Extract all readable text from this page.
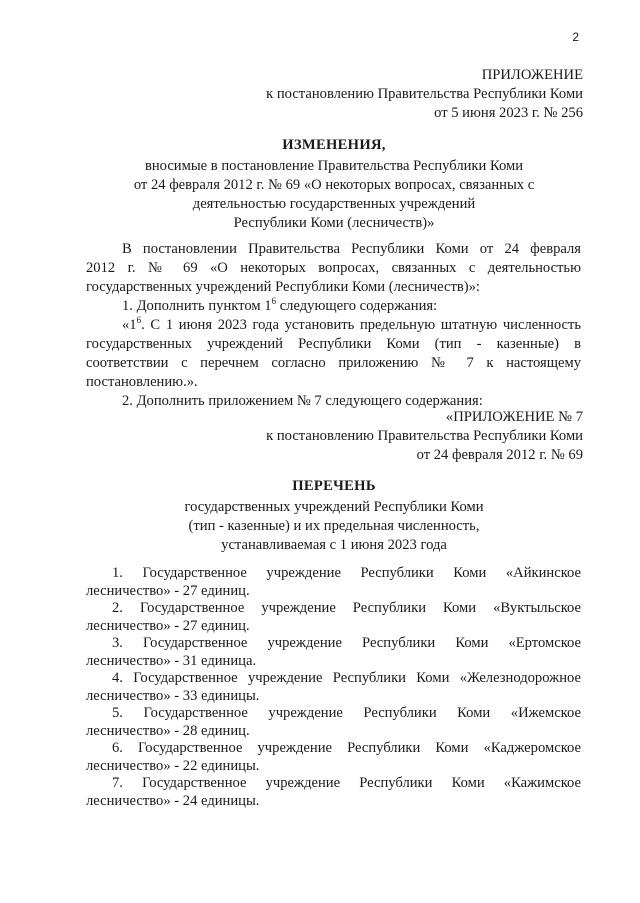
2
ПРИЛОЖЕНИЕ
к постановлению Правительства Республики Коми
от 5 июня 2023 г. № 256
ИЗМЕНЕНИЯ,
вносимые в постановление Правительства Республики Коми
от 24 февраля 2012 г. № 69 «О некоторых вопросах, связанных с
деятельностью государственных учреждений
Республики Коми (лесничеств)»
В постановлении Правительства Республики Коми от 24 февраля
2012 г. № 69 «О некоторых вопросах, связанных с деятельностью
государственных учреждений Республики Коми (лесничеств)»:
1. Дополнить пунктом $1^6$ следующего содержания:
«$1^6$. С 1 июня 2023 года установить предельную штатную численность
государственных учреждений Республики Коми (тип - казенные) в
соответствии с перечнем согласно приложению № 7 к настоящему
постановлению.».
2. Дополнить приложением № 7 следующего содержания:
«ПРИЛОЖЕНИЕ № 7
к постановлению Правительства Республики Коми
от 24 февраля 2012 г. № 69
ПЕРЕЧЕНЬ
государственных учреждений Республики Коми
(тип - казенные) и их предельная численность,
устанавливаемая с 1 июня 2023 года
1. Государственное учреждение Республики Коми «Айкинское
лесничество» - 27 единиц.
2. Государственное учреждение Республики Коми «Вуктыльское
лесничество» - 27 единиц.
3. Государственное учреждение Республики Коми «Ертомское
лесничество» - 31 единица.
4. Государственное учреждение Республики Коми «Железнодорожное
лесничество» - 33 единицы.
5. Государственное учреждение Республики Коми «Ижемское
лесничество» - 28 единиц.
6. Государственное учреждение Республики Коми «Каджеромское
лесничество» - 22 единицы.
7. Государственное учреждение Республики Коми «Кажимское
лесничество» - 24 единицы.
